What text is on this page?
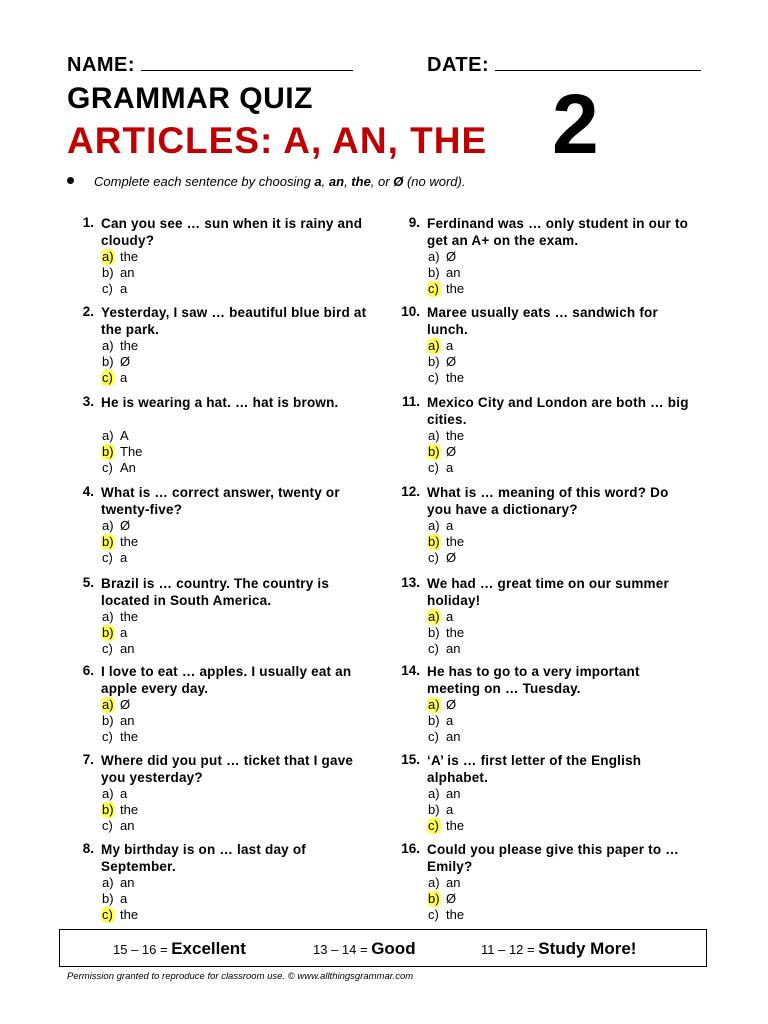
NAME:	DATE:
GRAMMAR QUIZ
ARTICLES: A, AN, THE 2
Complete each sentence by choosing a, an, the, or Ø (no word).
1. Can you see … sun when it is rainy and cloudy?
a) the
b) an
c) a
2. Yesterday, I saw … beautiful blue bird at the park.
a) the
b) Ø
c) a
3. He is wearing a hat. … hat is brown.
a) A
b) The
c) An
4. What is … correct answer, twenty or twenty-five?
a) Ø
b) the
c) a
5. Brazil is … country. The country is located in South America.
a) the
b) a
c) an
6. I love to eat … apples. I usually eat an apple every day.
a) Ø
b) an
c) the
7. Where did you put … ticket that I gave you yesterday?
a) a
b) the
c) an
8. My birthday is on … last day of September.
a) an
b) a
c) the
9. Ferdinand was … only student in our to get an A+ on the exam.
a) Ø
b) an
c) the
10. Maree usually eats … sandwich for lunch.
a) a
b) Ø
c) the
11. Mexico City and London are both … big cities.
a) the
b) Ø
c) a
12. What is … meaning of this word? Do you have a dictionary?
a) a
b) the
c) Ø
13. We had … great time on our summer holiday!
a) a
b) the
c) an
14. He has to go to a very important meeting on … Tuesday.
a) Ø
b) a
c) an
15. ‘A’ is … first letter of the English alphabet.
a) an
b) a
c) the
16. Could you please give this paper to … Emily?
a) an
b) Ø
c) the
15 – 16 = Excellent	13 – 14 = Good	11 – 12 = Study More!
Permission granted to reproduce for classroom use. © www.allthingsgrammar.com
